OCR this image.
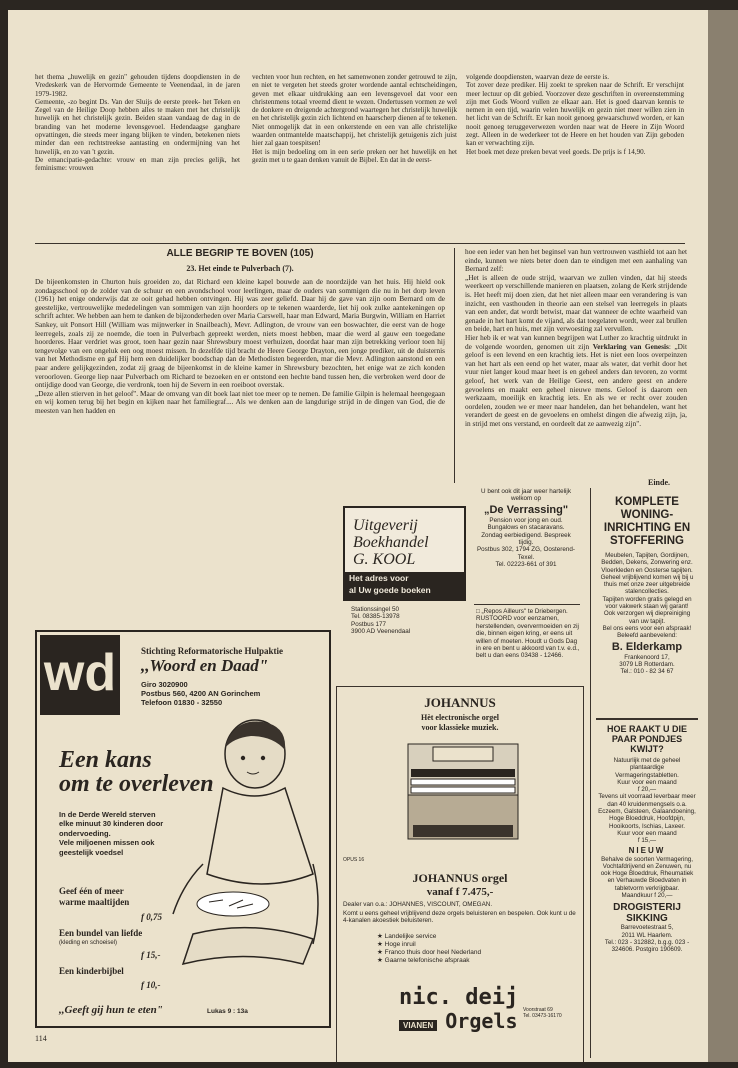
het thema „huwelijk en gezin" gehouden tijdens doopdiensten in de Vredeskerk van de Hervormde Gemeente te Veenendaal, in de jaren 1979-1982.

Gemeente, -zo begint Ds. Van der Sluijs de eerste preek- het Teken en Zegel van de Heilige Doop hebben alles te maken met het christelijk huwelijk en het christelijk gezin. Beiden staan vandaag de dag in de branding van het moderne levensgevoel. Hedendaagse gangbare opvattingen, die steeds meer ingang blijken te vinden, betekenen niets minder dan een rechtstreekse aantasting en ondermijning van het huwelijk, en zo van 't gezin.

De emancipatie-gedachte: vrouw en man zijn precies gelijk, het feminisme: vrouwen

vechten voor hun rechten, en het samenwonen zonder getrouwd te zijn, en niet te vergeten het steeds groter wordende aantal echtscheidingen, geven met elkaar uitdrukking aan een levensgevoel dat voor een christenmens totaal vreemd dient te wezen. Ondertussen vormen ze wel de donkere en dreigende achtergrond waartegen het christelijk huwelijk en het christelijk gezin zich lichtend en haarscherp dienen af te tekenen. Niet onmogelijk dat in een onkerstende en een van alle christelijke waarden ontmantelde maatschappij, het christelijk getuigenis zich juist hier zal gaan toespitsen!

Het is mijn bedoeling om in een serie preken oer het huwelijk en het gezin met u te gaan denken vanuit de Bijbel. En dat in de eerst-

volgende doopdiensten, waarvan deze de eerste is.

Tot zover deze prediker. Hij zoekt te spreken naar de Schrift. Er verschijnt meer lectuur op dit gebied. Voorzover deze geschriften in overeenstemming zijn met Gods Woord vullen ze elkaar aan. Het is goed daarvan kennis te nemen in een tijd, waarin velen huwelijk en gezin niet meer willen zien in het licht van de Schrift. Er kan nooit genoeg gewaarschuwd worden, er kan nooit genoeg teruggeverwezen worden naar wat de Heere in Zijn Woord zegt. Alleen in de wederkeer tot de Heere en het houden van Zijn geboden kan er verwachting zijn.

Het boek met deze preken bevat veel goeds. De prijs is f 14,90.

ALLE BEGRIP TE BOVEN (105)
23. Het einde te Pulverbach (7).

De bijeenkomsten in Churton huis groeiden zo, dat Richard een kleine kapel bouwde aan de noordzijde van het huis. Hij hield ook zondagsschool op de zolder van de schuur en een avondschool voor leerlingen, maar de ouders van sommigen die nu in het dorp leven (1961) het enige onderwijs dat ze ooit gehad hebben ontvingen. Hij was zeer geliefd. Daar hij de gave van zijn oom Bernard om de geestelijke, vertrouwelijke mededelingen van sommigen van zijn hoorders op te tekenen waarderde, liet hij ook zulke aantekeningen op schrift achter. We hebben aan hem te danken de bijzonderheden over Maria Carswell, haar man Edward, Maria Burgwin, William en Harriet Sankey, uit Ponsort Hill (William was mijnwerker in Snailbeach), Mevr. Adlington, de vrouw van een boswachter, die eerst van de hoge leerregels, zoals zij ze noemde, die toen in Pulverbach gepreekt werden, niets moest hebben, maar die werd al gauw een toegedane hoorderes. Haar verdriet was groot, toen haar gezin naar Shrewsbury moest verhuizen, doordat haar man zijn betrekking verloor toen hij tengevolge van een ongeluk een oog moest missen. In dezelfde tijd bracht de Heere George Drayton, een jonge prediker, uit de duisternis van het Methodisme en gaf Hij hem een duidelijker boodschap dan de Methodisten begeerden, mar die Mevr. Adlington aanstond en een paar andere gelijkgezinden, zodat zij graag de bijeenkomst in de kleine kamer in Shrewsbury bezochten, het enige wat ze zich konden veroorloven. George liep naar Pulverbach om Richard te bezoeken en er ontstond een hechte band tussen hen, die verbroken werd door de ontijdige dood van George, die verdronk, toen hij de Severn in een roeiboot overstak.

„Deze allen stierven in het geloof". Maar de omvang van dit boek laat niet toe meer op te nemen. De familie Gilpin is helemaal heengegaan en wij komen terug bij het begin en kijken naar het familiegraf.... Als we denken aan de langdurige strijd in de dingen van God, die de meesten van hen hadden en

hoe een ieder van hen het beginsel van hun vertrouwen vasthield tot aan het einde, kunnen we niets beter doen dan te eindigen met een aanhaling van Bernard zelf:

„Het is alleen de oude strijd, waarvan we zullen vinden, dat hij steeds weerkeert op verschillende manieren en plaatsen, zolang de Kerk strijdende is. Het heeft mij doen zien, dat het niet alleen maar een verandering is van inzicht, een vasthouden in theorie aan een stelsel van leerregels in plaats van een ander, dat wordt betwist, maar dat wanneer de echte waarheid van genade in het hart komt de vijand, als dat toegelaten wordt, weer zal brullen en beide, hart en huis, met zijn verwoesting zal vervullen.

Hier heb ik er wat van kunnen begrijpen wat Luther zo krachtig uitdrukt in de volgende woorden, genomen uit zijn Verklaring van Genesis: „Dit geloof is een levend en een krachtig iets. Het is niet een loos overpeinzen van het hart als een eend op het water, maar als water, dat verhit door het vuur niet langer koud maar heet is en geheel anders dan tevoren, zo vormt geloof, het werk van de Heilige Geest, een andere geest en andere gevoelens en maakt een geheel nieuwe mens. Geloof is daarom een werkzaam, moeilijk en krachtig iets. En als we er recht over zouden oordelen, zouden we er meer naar handelen, dan het behandelen, want het verandert de geest en de gevoelens en omhelst dingen die afwezig zijn, ja, in strijd met ons verstand, en oordeelt dat ze aanwezig zijn".

Einde.
Uitgeverij
Boekhandel
G. KOOL
Het adres voor
al Uw goede boeken
Stationssingel 50
Tel. 08385-13978
Postbus 177
3900 AD Veenendaal
U bent ook dit jaar weer hartelijk welkom op
„De Verrassing"
Pension voor jong en oud. Bungalows en stacaravans.
Zondag eerbiedigend. Bespreek tijdig.
Postbus 302, 1794 ZG, Oosterend-Texel.
Tel. 02223-661 of 391
□ „Repos Ailleurs" te Driebergen. RUSTOORD voor eenzamen, herstellenden, oververmoeiden en zij die, binnen eigen kring, er eens uit willen of moeten. Houdt u Gods Dag in ere en bent u akkoord van t.v. e.d., belt u dan eens 03438 - 12466.
JOHANNUS
Hèt electronische orgel
voor klassieke muziek.
OPUS 16
JOHANNUS orgel
vanaf f 7.475,-
Dealer van o.a.: JOHANNES, VISCOUNT, OMEGAN.
Komt u eens geheel vrijblijvend deze orgels beluisteren en bespelen. Ook kunt u de 4-kanalen akoestiek beluisteren.
★ Landelijke service
★ Hoge inruil
★ Franco thuis door heel Nederland
★ Gaarne telefonische afspraak
nic. deij
VIANEN Orgels	Voorstraat 69
Tel. 03473-16170
wd	Stichting Reformatorische Hulpaktie
,,Woord en Daad"
Giro 3020900
Postbus 560, 4200 AN Gorinchem
Telefoon 01830 - 32550
Een kans
om te overleven
In de Derde Wereld sterven
elke minuut 30 kinderen door
ondervoeding.
Vele miljoenen missen ook
geestelijk voedsel
Geef één of meer
warme maaltijden
f 0,75
Een bundel van liefde
(kleding en schoeisel)
f 15,-
Een kinderbijbel
f 10,-
,,Geeft gij hun te eten"	Lukas 9 : 13a
KOMPLETE WONING-INRICHTING EN STOFFERING
Meubelen, Tapijten, Gordijnen, Bedden, Dekens, Zonwering enz.
Vloerkleden en Oosterse tapijten.
Geheel vrijblijvend komen wij bij u thuis met onze zeer uitgebreide stalencollecties.
Tapijten worden gratis gelegd en voor vakwerk staan wij garant!
Ook verzorgen wij diepreiniging van uw tapijt.
Bel ons eens voor een afspraak!
Beleefd aanbevelend:
B. Elderkamp
Frankenoord 17,
3079 LB Rotterdam.
Tel.: 010 - 82 34 67
HOE RAAKT U DIE PAAR PONDJES KWIJT?
Natuurlijk met de geheel plantaardige Vermageringstabletten.
Kuur voor een maand
f 20,—
Tevens uit voorraad leverbaar meer dan 40 kruidenmengsels o.a.
Eczeem, Galsteen, Galaandoening, Hoge Bloeddruk, Hoofdpijn, Hooikoorts, Ischias, Laxeer.
Kuur voor een maand
f 15,—
NIEUW
Behalve de soorten Vermagering, Vochtafdrijvend en Zenuwen, nu ook Hoge Bloeddruk, Rheumatiek en Verhauwde Bloedvaten in tabletvorm verkrijgbaar.
Maandkuur f 20,—
DROGISTERIJ SIKKING
Barrevoetestraat 5,
2011 WL Haarlem.
Tel.: 023 - 312882, b.g.g. 023 - 324606. Postgiro 190609.
114
